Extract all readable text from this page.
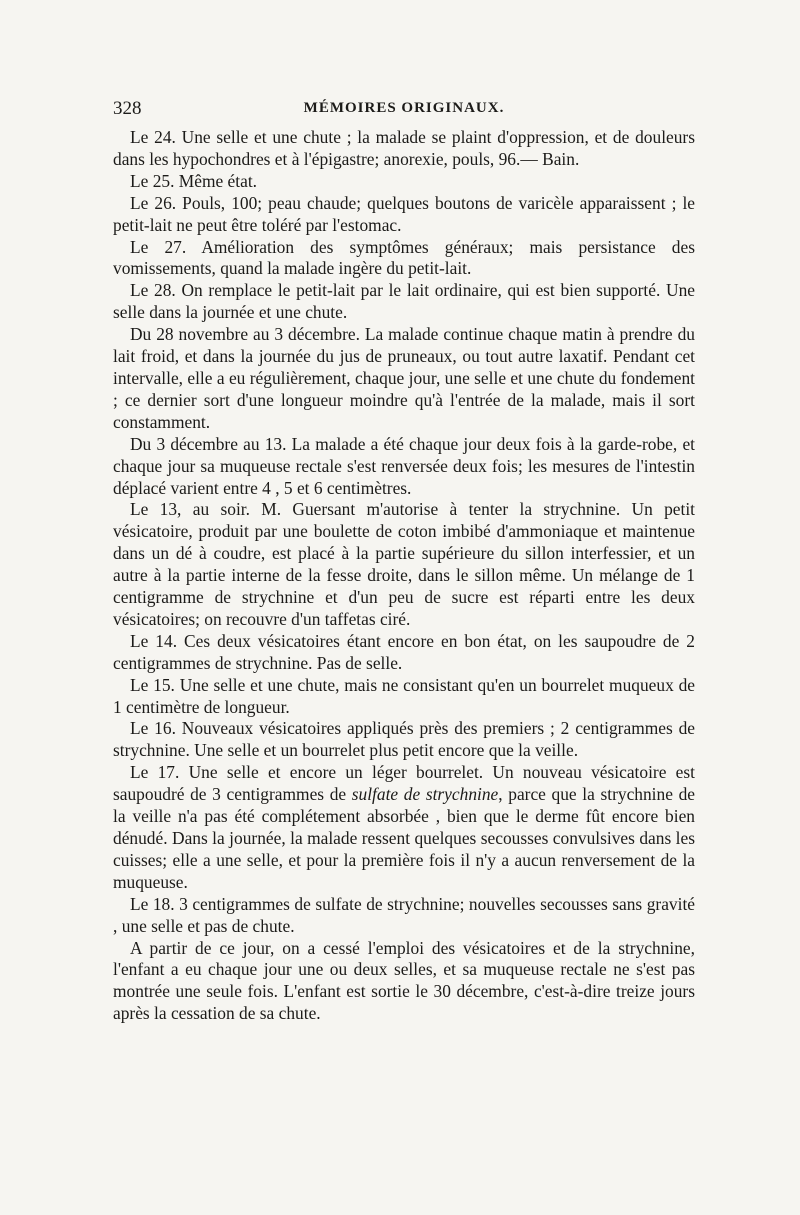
328	MÉMOIRES ORIGINAUX.

Le 24. Une selle et une chute ; la malade se plaint d'oppression, et de douleurs dans les hypochondres et à l'épigastre; anorexie, pouls, 96.— Bain.

Le 25. Même état.

Le 26. Pouls, 100; peau chaude; quelques boutons de varicèle apparaissent ; le petit-lait ne peut être toléré par l'estomac.

Le 27. Amélioration des symptômes généraux; mais persistance des vomissements, quand la malade ingère du petit-lait.

Le 28. On remplace le petit-lait par le lait ordinaire, qui est bien supporté. Une selle dans la journée et une chute.

Du 28 novembre au 3 décembre. La malade continue chaque matin à prendre du lait froid, et dans la journée du jus de pruneaux, ou tout autre laxatif. Pendant cet intervalle, elle a eu régulièrement, chaque jour, une selle et une chute du fondement ; ce dernier sort d'une longueur moindre qu'à l'entrée de la malade, mais il sort constamment.

Du 3 décembre au 13. La malade a été chaque jour deux fois à la garde-robe, et chaque jour sa muqueuse rectale s'est renversée deux fois; les mesures de l'intestin déplacé varient entre 4 , 5 et 6 centimètres.

Le 13, au soir. M. Guersant m'autorise à tenter la strychnine. Un petit vésicatoire, produit par une boulette de coton imbibé d'ammoniaque et maintenue dans un dé à coudre, est placé à la partie supérieure du sillon interfessier, et un autre à la partie interne de la fesse droite, dans le sillon même. Un mélange de 1 centigramme de strychnine et d'un peu de sucre est réparti entre les deux vésicatoires; on recouvre d'un taffetas ciré.

Le 14. Ces deux vésicatoires étant encore en bon état, on les saupoudre de 2 centigrammes de strychnine. Pas de selle.

Le 15. Une selle et une chute, mais ne consistant qu'en un bourrelet muqueux de 1 centimètre de longueur.

Le 16. Nouveaux vésicatoires appliqués près des premiers ; 2 centigrammes de strychnine. Une selle et un bourrelet plus petit encore que la veille.

Le 17. Une selle et encore un léger bourrelet. Un nouveau vésicatoire est saupoudré de 3 centigrammes de sulfate de strychnine, parce que la strychnine de la veille n'a pas été complétement absorbée , bien que le derme fût encore bien dénudé. Dans la journée, la malade ressent quelques secousses convulsives dans les cuisses; elle a une selle, et pour la première fois il n'y a aucun renversement de la muqueuse.

Le 18. 3 centigrammes de sulfate de strychnine; nouvelles secousses sans gravité , une selle et pas de chute.

A partir de ce jour, on a cessé l'emploi des vésicatoires et de la strychnine, l'enfant a eu chaque jour une ou deux selles, et sa muqueuse rectale ne s'est pas montrée une seule fois. L'enfant est sortie le 30 décembre, c'est-à-dire treize jours après la cessation de sa chute.
